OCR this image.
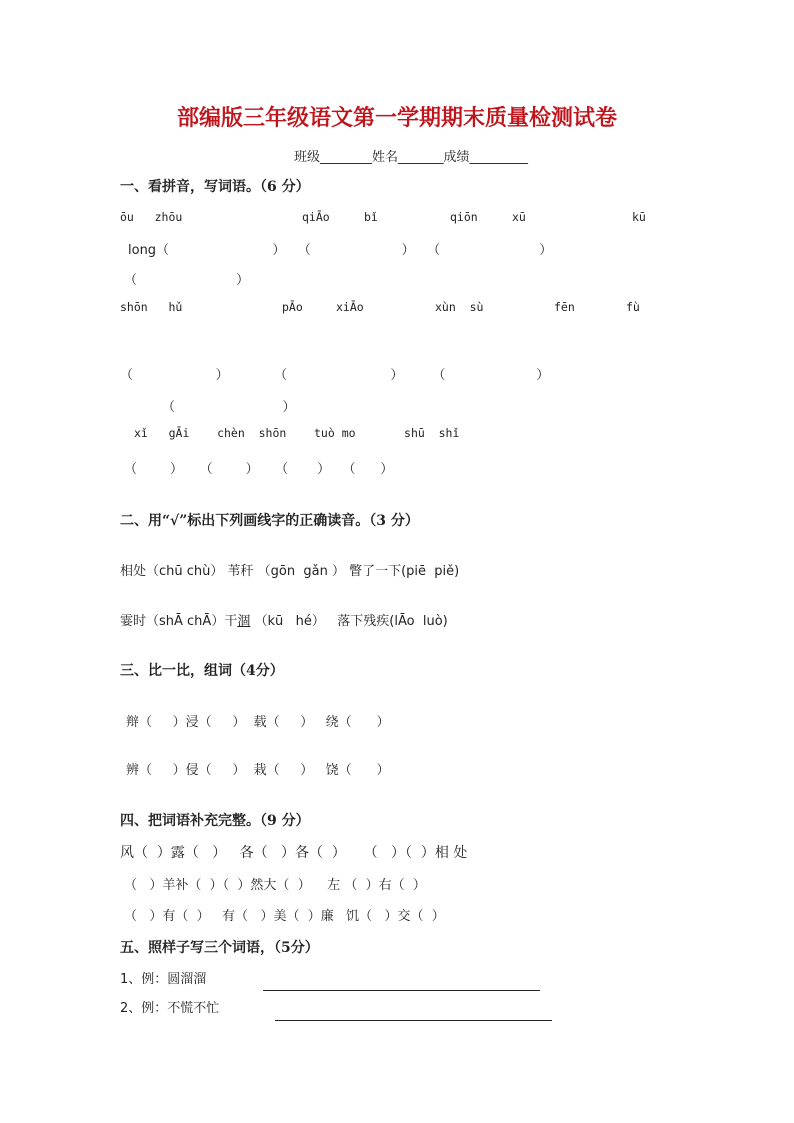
部编版三年级语文第一学期期末质量检测试卷
班级________姓名_______成绩_________
一、看拼音，写词语。（6 分）
ōu   zhōu	qiĀo	bǐ	qiōn	xū	kū
long（                         ）   （                      ）   （                        ）
（                        ）
shōn   hǔ	pĀo	xiĀo	xùn  sù	fēn	fù
（                    ）           （                         ）       （                      ）
（                          ）
xǐ   gĀi    chèn  shōn    tuò mo       shū  shǐ
（        ）    （        ）    （       ）   （      ）
二、用“√”标出下列画线字的正确读音。（3 分）
相处（chū chù） 苇秆 （gōn  gǎn ） 瞥了一下(piē  piě)
霎时（shĀ chĀ）干涸 （kū   hé）   落下残疾(lĀo  luò)
三、比一比，组词（4分）
辩（     ）浸（     ）  载（     ）   绕（      ）
辨（     ）侵（     ）  栽（     ）   饶（      ）
四、把词语补充完整。（9 分）
风（  ）露（   ）   各（   ）各（  ）    （   ）（  ）相 处
（   ）羊补（  ）（  ）然大（  ）    左 （  ）右（  ）
（   ）有（  ）   有（   ）美（  ）廉   饥（   ）交（  ）
五、照样子写三个词语，（5分）
1、例：圆溜溜
2、例：不慌不忙
